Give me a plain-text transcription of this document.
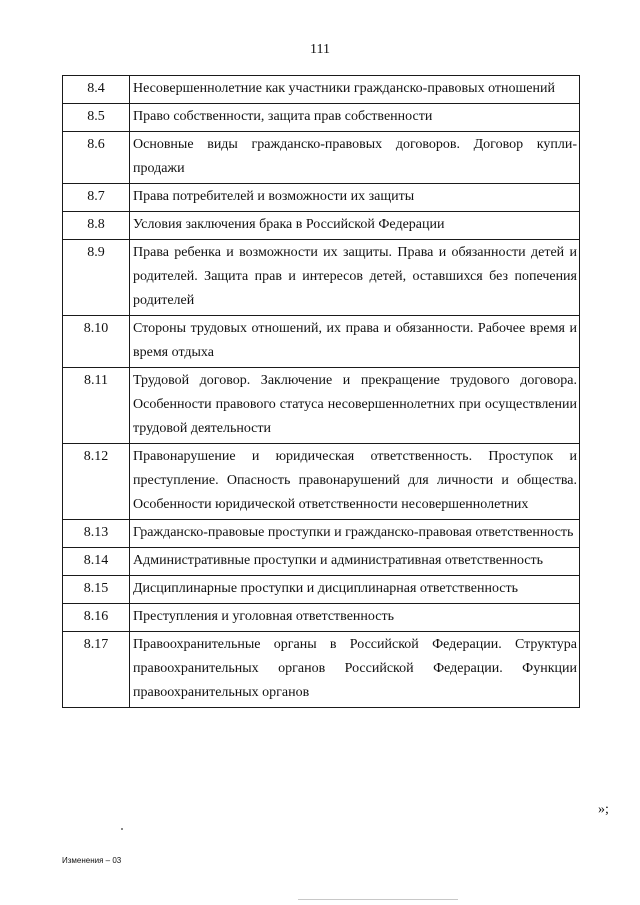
111
8.4	Несовершеннолетние как участники гражданско-правовых отношений
8.5	Право собственности, защита прав собственности
8.6	Основные виды гражданско-правовых договоров. Договор купли-продажи
8.7	Права потребителей и возможности их защиты
8.8	Условия заключения брака в Российской Федерации
8.9	Права ребенка и возможности их защиты. Права и обязанности детей и родителей. Защита прав и интересов детей, оставшихся без попечения родителей
8.10	Стороны трудовых отношений, их права и обязанности. Рабочее время и время отдыха
8.11	Трудовой договор. Заключение и прекращение трудового договора. Особенности правового статуса несовершеннолетних при осуществлении трудовой деятельности
8.12	Правонарушение и юридическая ответственность. Проступок и преступление. Опасность правонарушений для личности и общества. Особенности юридической ответственности несовершеннолетних
8.13	Гражданско-правовые проступки и гражданско-правовая ответственность
8.14	Административные проступки и административная ответственность
8.15	Дисциплинарные проступки и дисциплинарная ответственность
8.16	Преступления и уголовная ответственность
8.17	Правоохранительные органы в Российской Федерации. Структура правоохранительных органов Российской Федерации. Функции правоохранительных органов
»;
Изменения – 03
